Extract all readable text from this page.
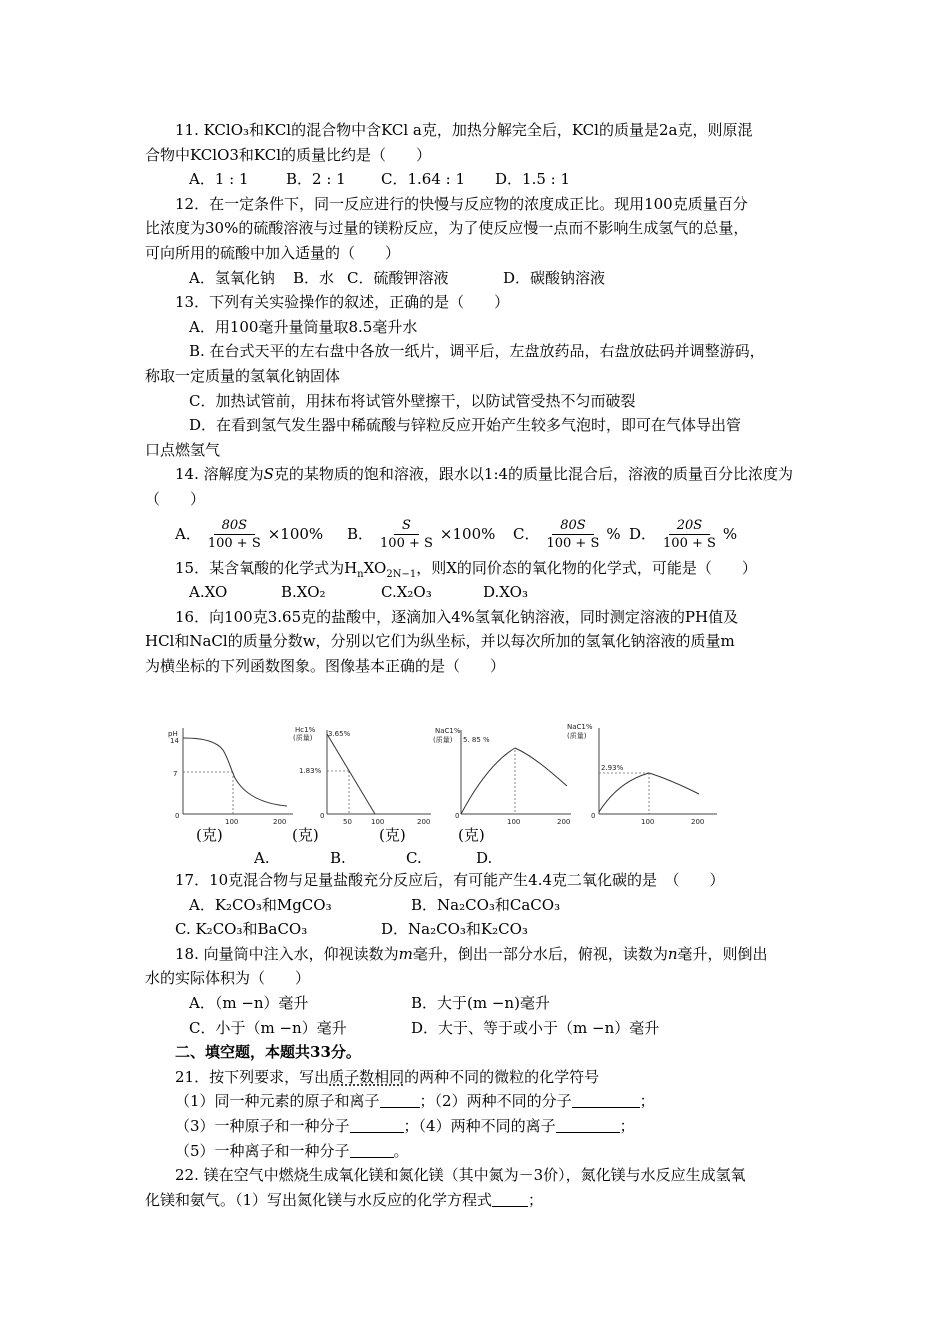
11. KClO₃和KCl的混合物中含KCl a克，加热分解完全后，KCl的质量是2a克，则原混
合物中KClO3和KCl的质量比约是（　　）
A．1 : 1 B．2 : 1 C．1.64 : 1 D．1.5 : 1
12．在一定条件下，同一反应进行的快慢与反应物的浓度成正比。现用100克质量百分
比浓度为30%的硫酸溶液与过量的镁粉反应，为了使反应慢一点而不影响生成氢气的总量，
可向所用的硫酸中加入适量的（　　）
A．氢氧化钠 B．水 C．硫酸钾溶液	D．碳酸钠溶液
13．下列有关实验操作的叙述，正确的是（　　）
A．用100毫升量筒量取8.5毫升水
B. 在台式天平的左右盘中各放一纸片，调平后，左盘放药品，右盘放砝码并调整游码，
称取一定质量的氢氧化钠固体
C．加热试管前，用抹布将试管外壁擦干，以防试管受热不匀而破裂
D．在看到氢气发生器中稀硫酸与锌粒反应开始产生较多气泡时，即可在气体导出管
口点燃氢气
14. 溶解度为S克的某物质的饱和溶液，跟水以1:4的质量比混合后，溶液的质量百分比浓度为
（　　）
A． $\frac{80S}{100 + S} \times 100\%$ B． $\frac{S}{100 + S} \times 100\%$ C． $\frac{80S}{100 + S}$ % D． $\frac{20S}{100 + S}$ %
15．某含氧酸的化学式为$H_nXO_{2N-1}$，则X的同价态的氧化物的化学式，可能是（　　）
A.XO	B.XO₂	C.X₂O₃	D.XO₃
16．向100克3.65克的盐酸中，逐滴加入4%氢氧化钠溶液，同时测定溶液的PH值及
HCl和NaCl的质量分数w，分别以它们为纵坐标，并以每次所加的氢氧化钠溶液的质量m
为横坐标的下列函数图象。图像基本正确的是（　　）
pH
14
7
0
100	200
Hc1%
(质量) 3.65%
1.83%
0
50	100	200
NaC1%
(质量) 5. 85 %
0
100	200
NaC1%
(质量)
2.93%
0
100	200
(克)	(克)	(克)	(克)
A.	B.	C.	D.
17．10克混合物与足量盐酸充分反应后，有可能产生4.4克二氧化碳的是　（　　）
A．K₂CO₃和MgCO₃	B．Na₂CO₃和CaCO₃
C. K₂CO₃和BaCO₃	D．Na₂CO₃和K₂CO₃
18. 向量筒中注入水，仰视读数为m毫升，倒出一部分水后，俯视，读数为n毫升，则倒出
水的实际体积为（　　）
A．（m −n）毫升	B．大于(m −n)毫升
C．小于（m −n）毫升	D．大于、等于或小于（m −n）毫升
二、填空题，本题共33分。
21．按下列要求，写出质子数相同的两种不同的微粒的化学符号
（1）同一种元素的原子和离子	；（2）两种不同的分子	；
（3）一种原子和一种分子	；（4）两种不同的离子	；
（5）一种离子和一种分子	。
22. 镁在空气中燃烧生成氧化镁和氮化镁（其中氮为－3价），氮化镁与水反应生成氢氧
化镁和氨气。（1）写出氮化镁与水反应的化学方程式 ；
